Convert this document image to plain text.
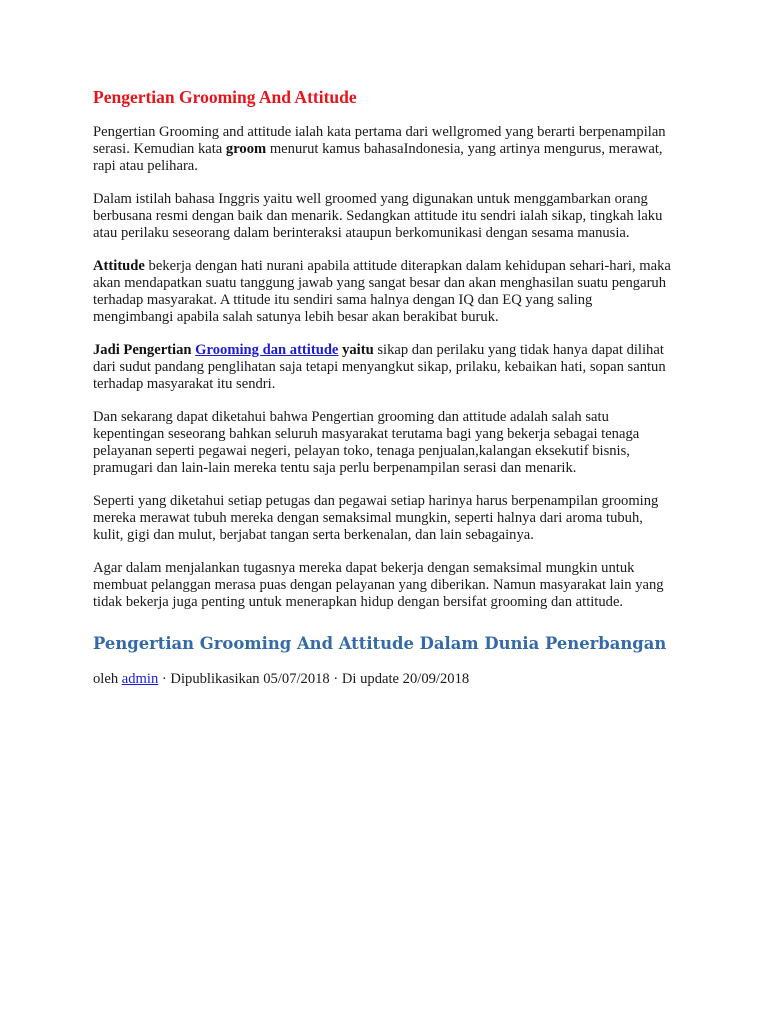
Pengertian Grooming And Attitude

Pengertian Grooming and attitude ialah kata pertama dari wellgromed yang berarti berpenampilan serasi. Kemudian kata groom menurut kamus bahasaIndonesia, yang artinya mengurus, merawat, rapi atau pelihara.

Dalam istilah bahasa Inggris yaitu well groomed yang digunakan untuk menggambarkan orang berbusana resmi dengan baik dan menarik. Sedangkan attitude itu sendri ialah sikap, tingkah laku atau perilaku seseorang dalam berinteraksi ataupun berkomunikasi dengan sesama manusia.

Attitude bekerja dengan hati nurani apabila attitude diterapkan dalam kehidupan sehari-hari, maka akan mendapatkan suatu tanggung jawab yang sangat besar dan akan menghasilan suatu pengaruh terhadap masyarakat. A ttitude itu sendiri sama halnya dengan IQ dan EQ yang saling mengimbangi apabila salah satunya lebih besar akan berakibat buruk.

Jadi Pengertian Grooming dan attitude yaitu sikap dan perilaku yang tidak hanya dapat dilihat dari sudut pandang penglihatan saja tetapi menyangkut sikap, prilaku, kebaikan hati, sopan santun terhadap masyarakat itu sendri.

Dan sekarang dapat diketahui bahwa Pengertian grooming dan attitude adalah salah satu kepentingan seseorang bahkan seluruh masyarakat terutama bagi yang bekerja sebagai tenaga pelayanan seperti pegawai negeri, pelayan toko, tenaga penjualan,kalangan eksekutif bisnis, pramugari dan lain-lain mereka tentu saja perlu berpenampilan serasi dan menarik.

Seperti yang diketahui setiap petugas dan pegawai setiap harinya harus berpenampilan grooming mereka merawat tubuh mereka dengan semaksimal mungkin, seperti halnya dari aroma tubuh, kulit, gigi dan mulut, berjabat tangan serta berkenalan, dan lain sebagainya.

Agar dalam menjalankan tugasnya mereka dapat bekerja dengan semaksimal mungkin untuk membuat pelanggan merasa puas dengan pelayanan yang diberikan. Namun masyarakat lain yang tidak bekerja juga penting untuk menerapkan hidup dengan bersifat grooming dan attitude.

Pengertian Grooming And Attitude Dalam Dunia Penerbangan
oleh admin · Dipublikasikan 05/07/2018 · Di update 20/09/2018
